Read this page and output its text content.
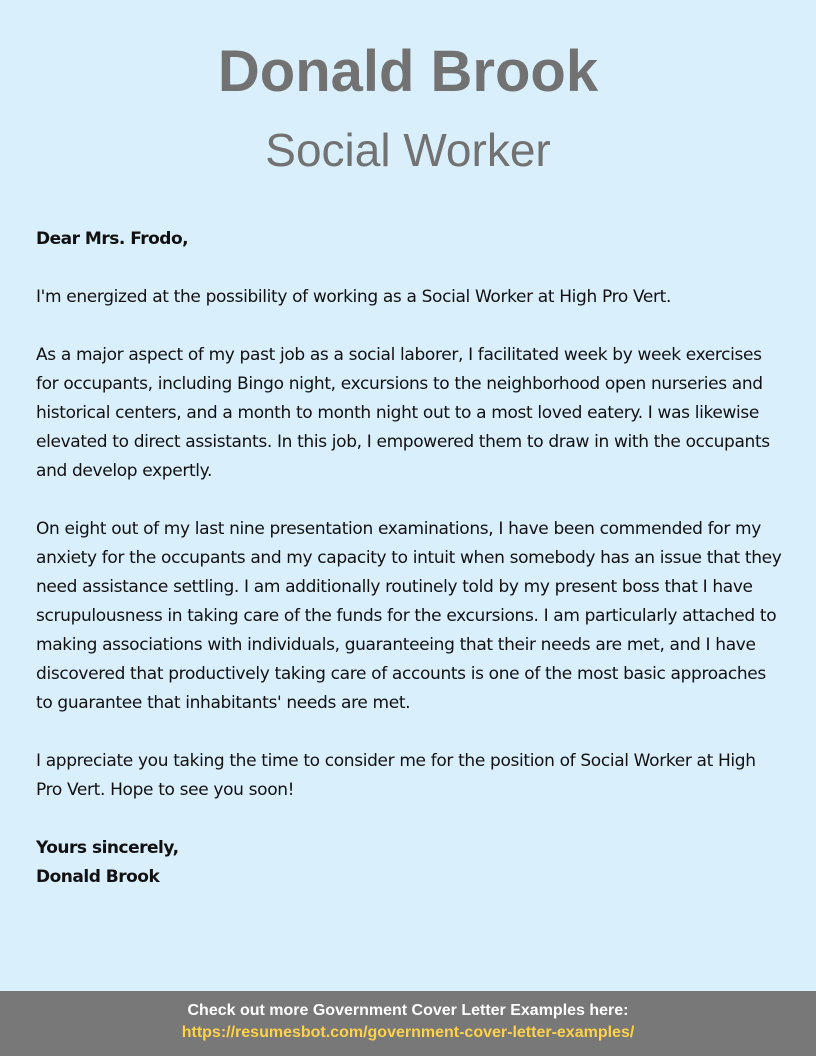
Donald Brook
Social Worker

Dear Mrs. Frodo,

I'm energized at the possibility of working as a Social Worker at High Pro Vert.

As a major aspect of my past job as a social laborer, I facilitated week by week exercises for occupants, including Bingo night, excursions to the neighborhood open nurseries and historical centers, and a month to month night out to a most loved eatery. I was likewise elevated to direct assistants. In this job, I empowered them to draw in with the occupants and develop expertly.

On eight out of my last nine presentation examinations, I have been commended for my anxiety for the occupants and my capacity to intuit when somebody has an issue that they need assistance settling. I am additionally routinely told by my present boss that I have scrupulousness in taking care of the funds for the excursions. I am particularly attached to making associations with individuals, guaranteeing that their needs are met, and I have discovered that productively taking care of accounts is one of the most basic approaches to guarantee that inhabitants' needs are met.

I appreciate you taking the time to consider me for the position of Social Worker at High Pro Vert. Hope to see you soon!

Yours sincerely,

Donald Brook

Check out more Government Cover Letter Examples here:
https://resumesbot.com/government-cover-letter-examples/
